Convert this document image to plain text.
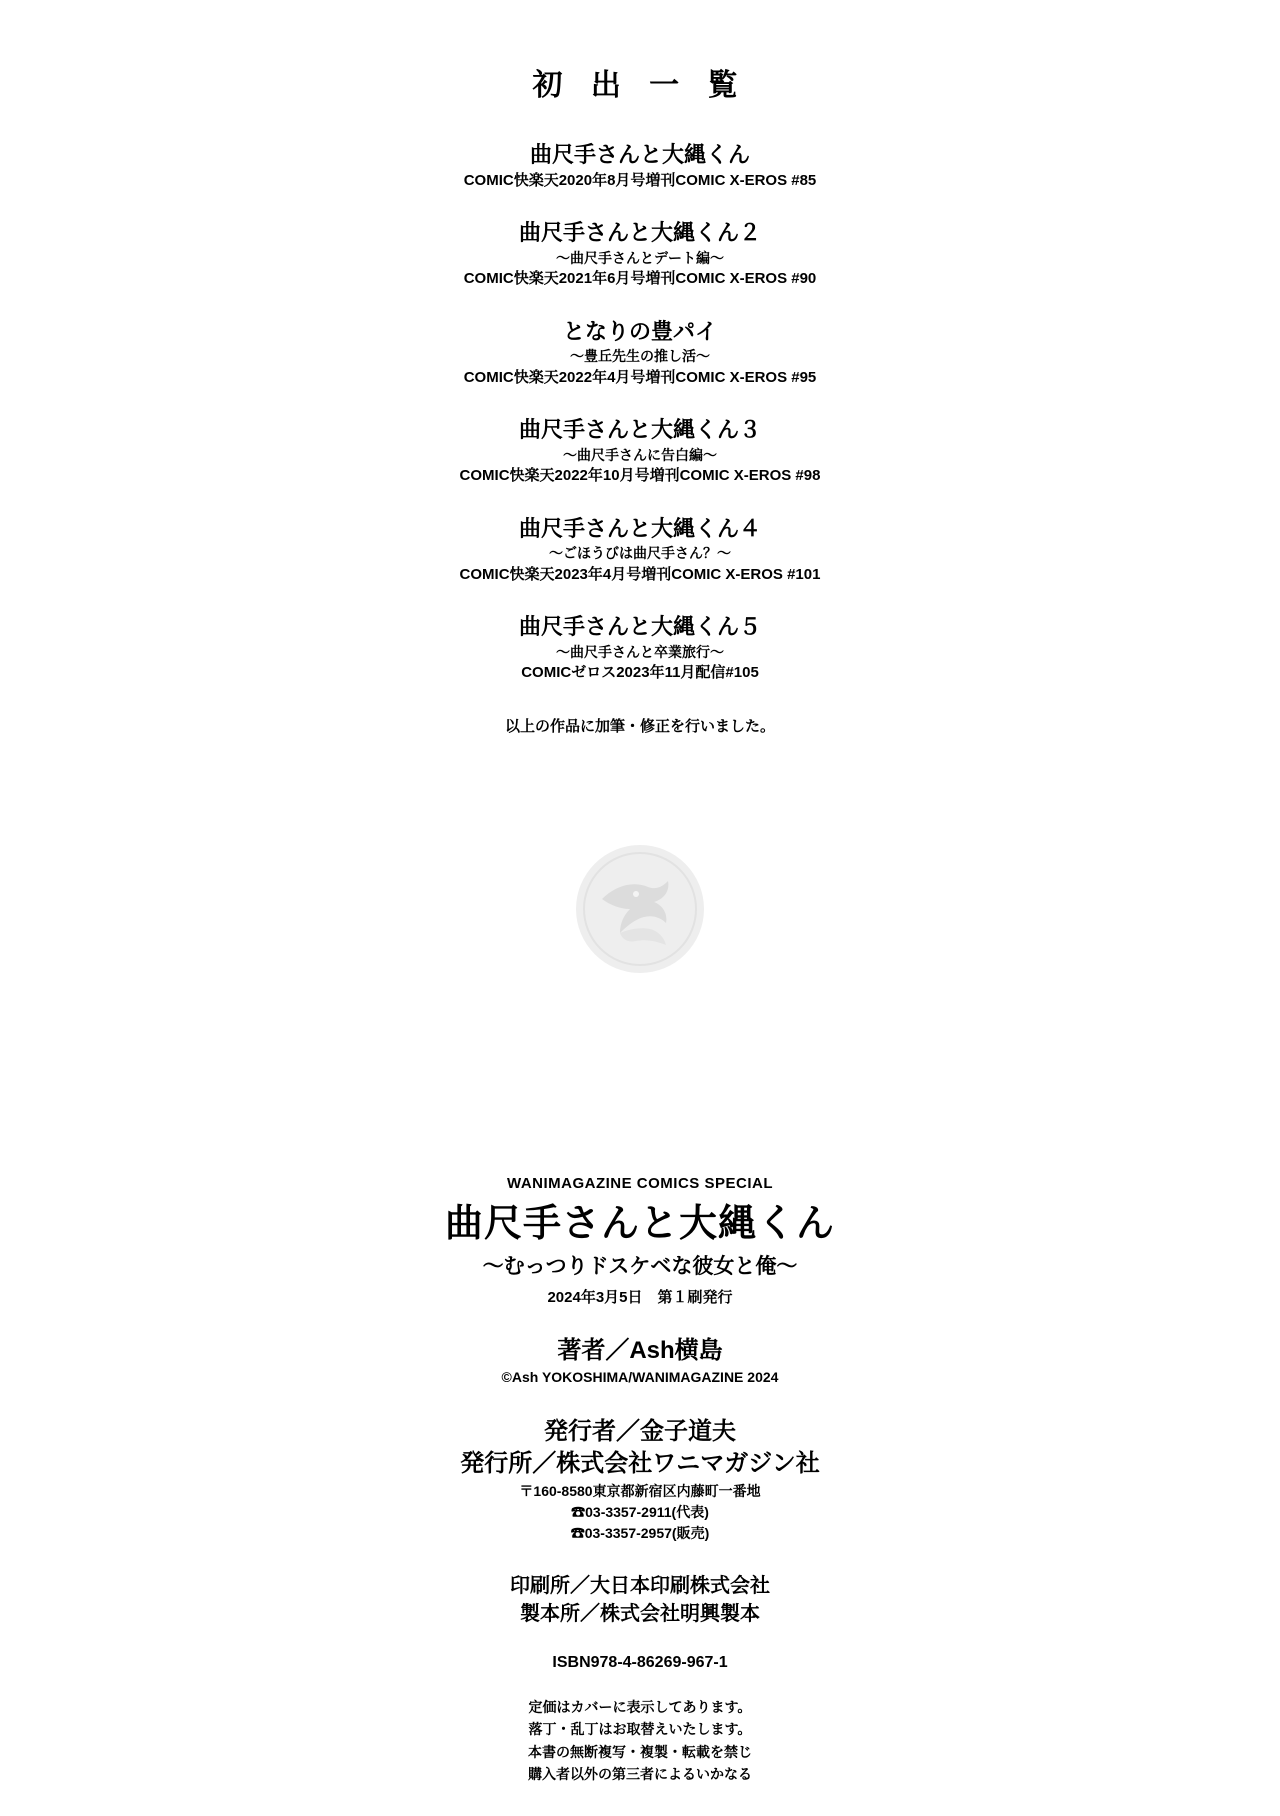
初 出 一 覧
曲尺手さんと大縄くん
COMIC快楽天2020年8月号増刊COMIC X-EROS #85
曲尺手さんと大縄くん２
～曲尺手さんとデート編～
COMIC快楽天2021年6月号増刊COMIC X-EROS #90
となりの豊パイ
～豊丘先生の推し活～
COMIC快楽天2022年4月号増刊COMIC X-EROS #95
曲尺手さんと大縄くん３
～曲尺手さんに告白編～
COMIC快楽天2022年10月号増刊COMIC X-EROS #98
曲尺手さんと大縄くん４
～ごほうびは曲尺手さん？～
COMIC快楽天2023年4月号増刊COMIC X-EROS #101
曲尺手さんと大縄くん５
～曲尺手さんと卒業旅行～
COMICゼロス2023年11月配信#105
以上の作品に加筆・修正を行いました。
WANIMAGAZINE COMICS SPECIAL
曲尺手さんと大縄くん
～むっつりドスケベな彼女と俺～
2024年3月5日　第１刷発行
著者／Ash横島
©Ash YOKOSHIMA/WANIMAGAZINE 2024
発行者／金子道夫
発行所／株式会社ワニマガジン社
〒160-8580東京都新宿区内藤町一番地
☎03-3357-2911(代表)
☎03-3357-2957(販売)
印刷所／大日本印刷株式会社
製本所／株式会社明興製本
ISBN978-4-86269-967-1
定価はカバーに表示してあります。
落丁・乱丁はお取替えいたします。
本書の無断複写・複製・転載を禁じ
購入者以外の第三者によるいかなる
